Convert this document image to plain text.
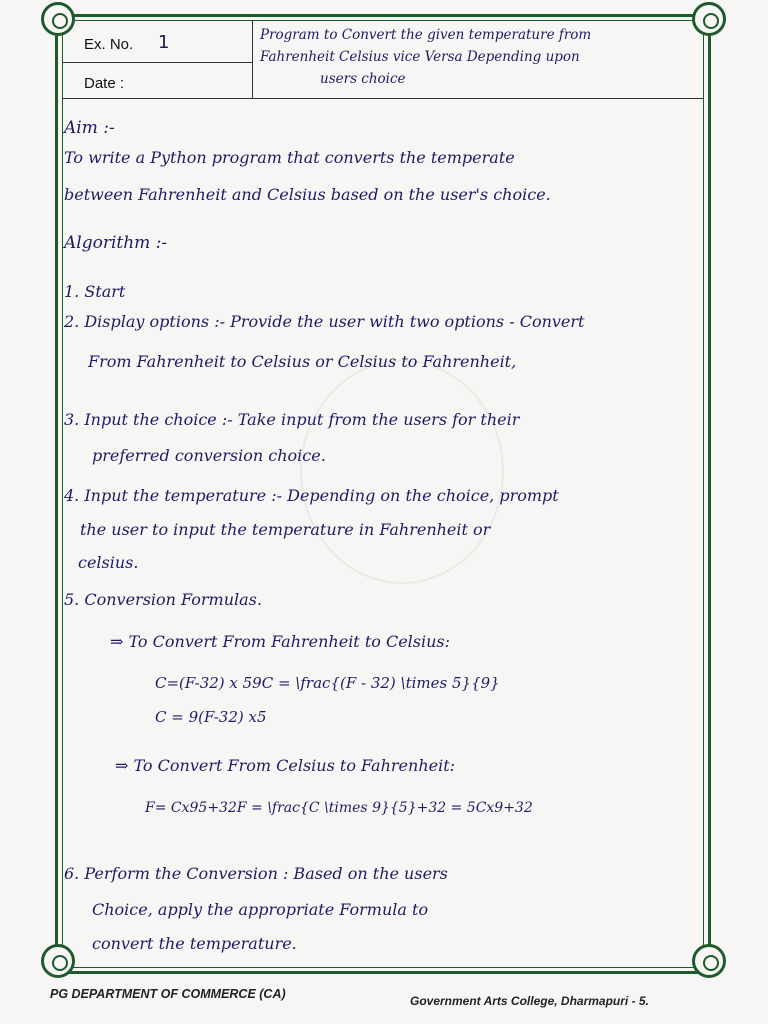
Ex. No. 1
Date :
Program to Convert the given temperature from
Fahrenheit Celsius vice Versa Depending upon
users choice
Aim :-
To write a Python program that converts the temperate
between Fahrenheit and Celsius based on the user's choice.
Algorithm :-
1. Start
2. Display options :- Provide the user with two options - Convert
From Fahrenheit to Celsius or Celsius to Fahrenheit,
3. Input the choice :- Take input from the users for their
preferred conversion choice.
4. Input the temperature :- Depending on the choice, prompt
the user to input the temperature in Fahrenheit or
celsius.
5. Conversion Formulas.
⇒ To Convert From Fahrenheit to Celsius:
C=(F-32) x 59C = \frac{(F - 32) \times 5}{9}
C = 9(F-32) x5
⇒ To Convert From Celsius to Fahrenheit:
F= Cx95+32F = \frac{C \times 9}{5}+32 = 5Cx9+32
6. Perform the Conversion : Based on the users
Choice, apply the appropriate Formula to
convert the temperature.
PG DEPARTMENT OF COMMERCE (CA)	Government Arts College, Dharmapuri - 5.
